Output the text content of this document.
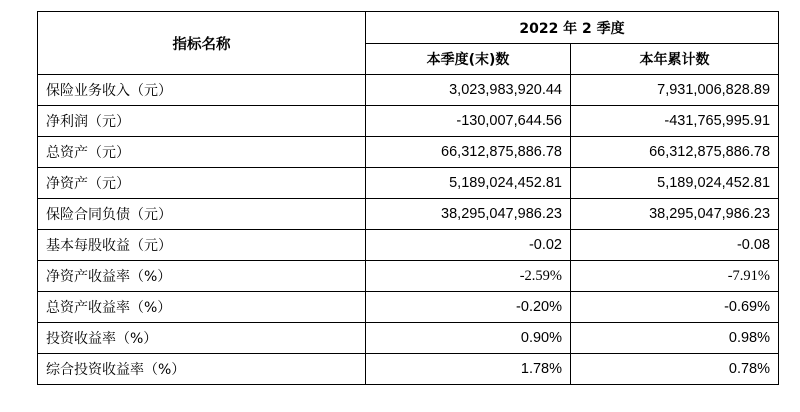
指标名称	2022 年 2 季度	
	本季度(末)数	本年累计数
保险业务收入（元）	3,023,983,920.44	7,931,006,828.89
净利润（元）	-130,007,644.56	-431,765,995.91
总资产（元）	66,312,875,886.78	66,312,875,886.78
净资产（元）	5,189,024,452.81	5,189,024,452.81
保险合同负债（元）	38,295,047,986.23	38,295,047,986.23
基本每股收益（元）	-0.02	-0.08
净资产收益率（%）	-2.59%	-7.91%
总资产收益率（%）	-0.20%	-0.69%
投资收益率（%）	0.90%	0.98%
综合投资收益率（%）	1.78%	0.78%
